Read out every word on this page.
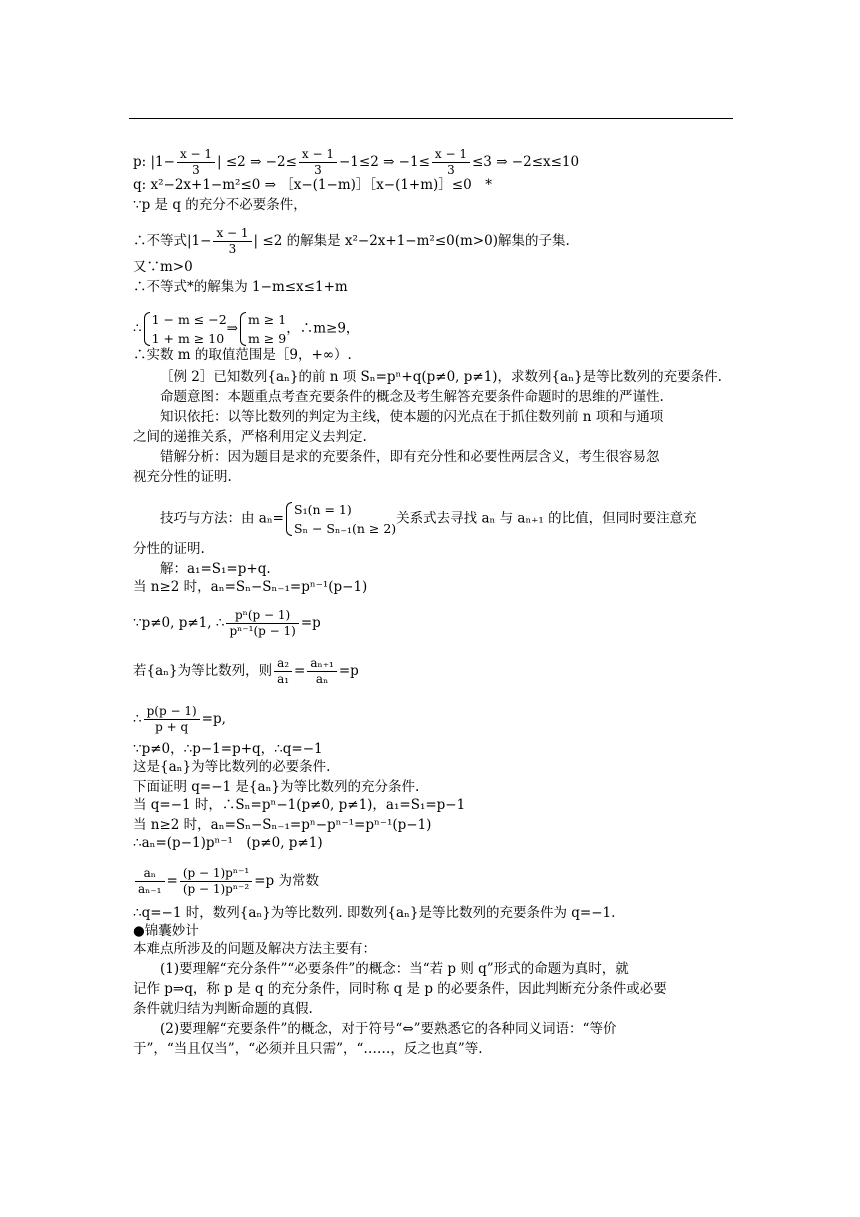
p: $|1- \frac{x - 1}{3}$ | ≤2 ⇒ $-2\le \frac{x - 1}{3} -1\le 2$ ⇒ $-1\le \frac{x - 1}{3} \le 3$ ⇒ −2≤x≤10
q: x²−2x+1−m²≤0 ⇒ ［x−(1−m)］［x−(1+m)］≤0　*
∵p 是 q 的充分不必要条件，
∴不等式$|1- \frac{x - 1}{3}$ | ≤2 的解集是 x²−2x+1−m²≤0(m>0)解集的子集.
又∵m>0
∴不等式*的解集为 1−m≤x≤1+m
∴
1 − m ≤ −2
1 + m ≥ 10
⇒
m ≥ 1
m ≥ 9
，∴m≥9，
∴实数 m 的取值范围是［9，+∞）.
［例 2］已知数列{aₙ}的前 n 项 Sₙ=pⁿ+q(p≠0, p≠1)，求数列{aₙ}是等比数列的充要条件.
命题意图：本题重点考查充要条件的概念及考生解答充要条件命题时的思维的严谨性.
知识依托：以等比数列的判定为主线，使本题的闪光点在于抓住数列前 n 项和与通项
之间的递推关系，严格利用定义去判定.
错解分析：因为题目是求的充要条件，即有充分性和必要性两层含义，考生很容易忽
视充分性的证明.
技巧与方法：由 aₙ=
S₁(n = 1)
Sₙ − Sₙ₋₁(n ≥ 2)
关系式去寻找 aₙ 与 aₙ₊₁ 的比值，但同时要注意充
分性的证明.
解：a₁=S₁=p+q.
当 n≥2 时，aₙ=Sₙ−Sₙ₋₁=pⁿ⁻¹(p−1)
∵p≠0, p≠1, ∴ $\frac{\text{pⁿ(p − 1)}}{\text{pⁿ⁻¹(p − 1)}} =p$
若{aₙ}为等比数列，则 $\frac{\text{a₂}}{\text{a₁}} = \frac{\text{aₙ₊₁}}{\text{aₙ}} =p$
∴ $\frac{p(p - 1)}{p + q} =p$,
∵p≠0，∴p−1=p+q，∴q=−1
这是{aₙ}为等比数列的必要条件.
下面证明 q=−1 是{aₙ}为等比数列的充分条件.
当 q=−1 时，∴Sₙ=pⁿ−1(p≠0, p≠1)，a₁=S₁=p−1
当 n≥2 时，aₙ=Sₙ−Sₙ₋₁=pⁿ−pⁿ⁻¹=pⁿ⁻¹(p−1)
∴aₙ=(p−1)pⁿ⁻¹　(p≠0, p≠1)
$\frac{\text{aₙ}}{\text{aₙ₋₁}} = \frac{\text{(p − 1)pⁿ⁻¹}}{\text{(p − 1)pⁿ⁻²}} =p$ 为常数
∴q=−1 时，数列{aₙ}为等比数列. 即数列{aₙ}是等比数列的充要条件为 q=−1.
●锦囊妙计
本难点所涉及的问题及解决方法主要有：
(1)要理解“充分条件”“必要条件”的概念：当“若 p 则 q”形式的命题为真时，就
记作 p⇒q，称 p 是 q 的充分条件，同时称 q 是 p 的必要条件，因此判断充分条件或必要
条件就归结为判断命题的真假.
(2)要理解“充要条件”的概念，对于符号“⇔”要熟悉它的各种同义词语：“等价
于”，“当且仅当”，“必须并且只需”，“……，反之也真”等.
